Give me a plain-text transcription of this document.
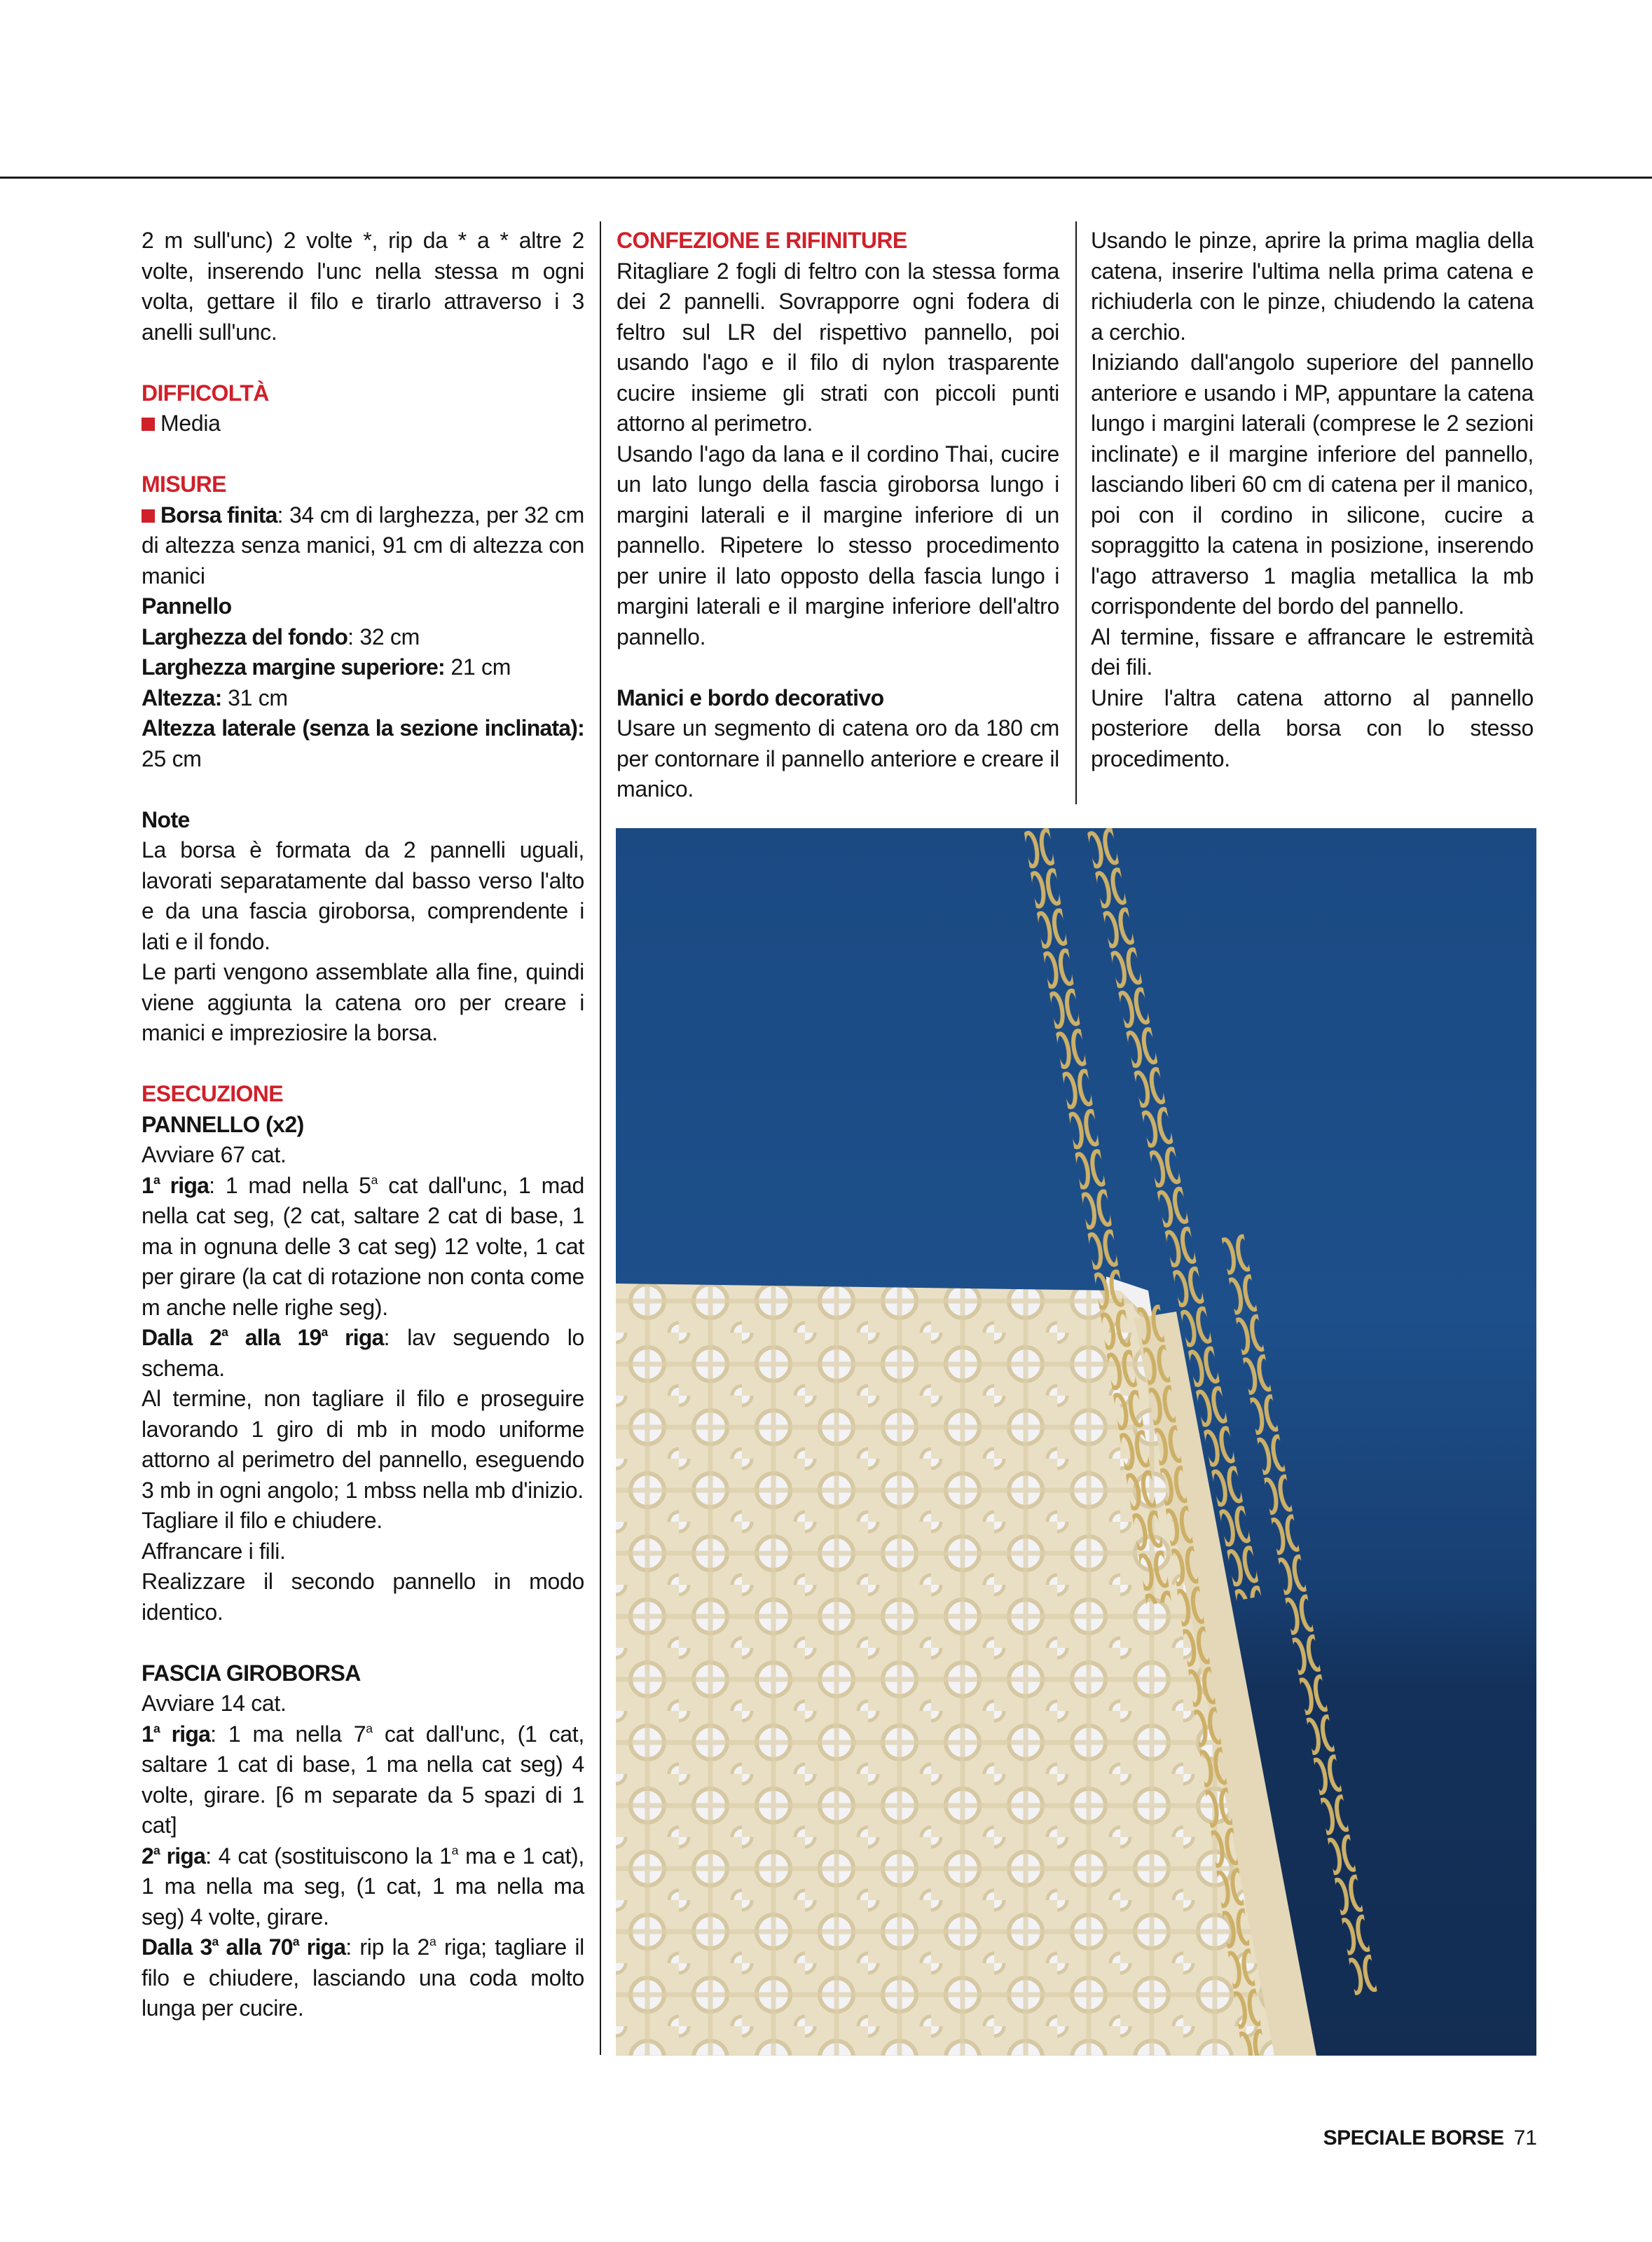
2 m sull'unc) 2 volte *, rip da * a * altre 2 volte, inserendo l'unc nella stessa m ogni volta, gettare il filo e tirarlo attraverso i 3 anelli sull'unc.

DIFFICOLTÀ

Media

MISURE

Borsa finita: 34 cm di larghezza, per 32 cm di altezza senza manici, 91 cm di altezza con manici

Pannello

Larghezza del fondo: 32 cm

Larghezza margine superiore: 21 cm

Altezza: 31 cm

Altezza laterale (senza la sezione inclinata): 25 cm

Note

La borsa è formata da 2 pannelli uguali, lavorati separatamente dal basso verso l'alto e da una fascia giroborsa, comprendente i lati e il fondo.

Le parti vengono assemblate alla fine, quindi viene aggiunta la catena oro per creare i manici e impreziosire la borsa.

ESECUZIONE

PANNELLO (x2)

Avviare 67 cat.

1$^a$ riga: 1 mad nella 5$^a$ cat dall'unc, 1 mad nella cat seg, (2 cat, saltare 2 cat di base, 1 ma in ognuna delle 3 cat seg) 12 volte, 1 cat per girare (la cat di rotazione non conta come m anche nelle righe seg).

Dalla 2$^a$ alla 19$^a$ riga: lav seguendo lo schema.

Al termine, non tagliare il filo e proseguire lavorando 1 giro di mb in modo uniforme attorno al perimetro del pannello, eseguendo 3 mb in ogni angolo; 1 mbss nella mb d'inizio.

Tagliare il filo e chiudere.

Affrancare i fili.

Realizzare il secondo pannello in modo identico.

FASCIA GIROBORSA

Avviare 14 cat.

1$^a$ riga: 1 ma nella 7$^a$ cat dall'unc, (1 cat, saltare 1 cat di base, 1 ma nella cat seg) 4 volte, girare. [6 m separate da 5 spazi di 1 cat]

2$^a$ riga: 4 cat (sostituiscono la 1$^a$ ma e 1 cat), 1 ma nella ma seg, (1 cat, 1 ma nella ma seg) 4 volte, girare.

Dalla 3$^a$ alla 70$^a$ riga: rip la 2$^a$ riga; tagliare il filo e chiudere, lasciando una coda molto lunga per cucire.

CONFEZIONE E RIFINITURE

Ritagliare 2 fogli di feltro con la stessa forma dei 2 pannelli. Sovrapporre ogni fodera di feltro sul LR del rispettivo pannello, poi usando l'ago e il filo di nylon trasparente cucire insieme gli strati con piccoli punti attorno al perimetro.

Usando l'ago da lana e il cordino Thai, cucire un lato lungo della fascia giroborsa lungo i margini laterali e il margine inferiore di un pannello. Ripetere lo stesso procedimento per unire il lato opposto della fascia lungo i margini laterali e il margine inferiore dell'altro pannello.

Manici e bordo decorativo

Usare un segmento di catena oro da 180 cm per contornare il pannello anteriore e creare il manico.

Usando le pinze, aprire la prima maglia della catena, inserire l'ultima nella prima catena e richiuderla con le pinze, chiudendo la catena a cerchio.

Iniziando dall'angolo superiore del pannello anteriore e usando i MP, appuntare la catena lungo i margini laterali (comprese le 2 sezioni inclinate) e il margine inferiore del pannello, lasciando liberi 60 cm di catena per il manico, poi con il cordino in silicone, cucire a sopraggitto la catena in posizione, inserendo l'ago attraverso 1 maglia metallica la mb corrispondente del bordo del pannello.

Al termine, fissare e affrancare le estremità dei fili.

Unire l'altra catena attorno al pannello posteriore della borsa con lo stesso procedimento.

SPECIALE BORSE 71
